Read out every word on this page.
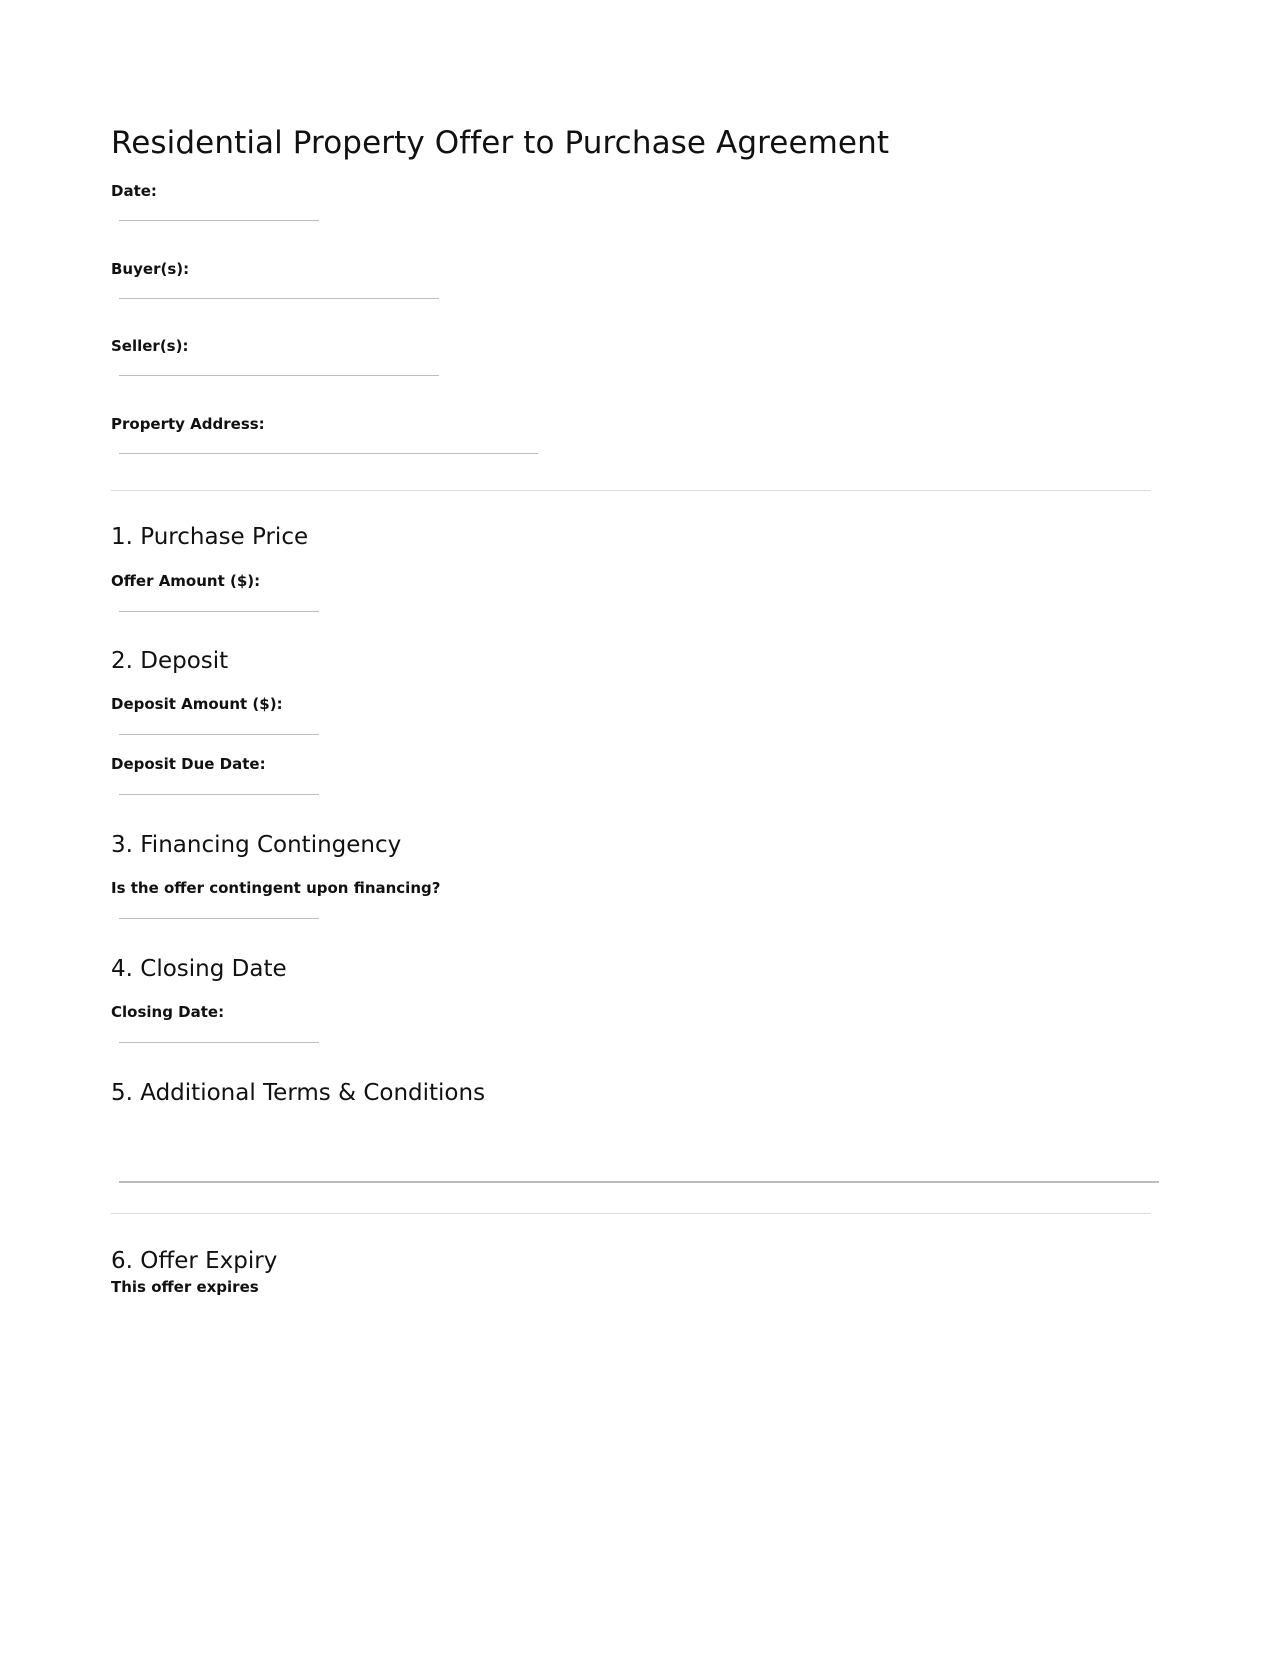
Residential Property Offer to Purchase Agreement
Date:
Buyer(s):
Seller(s):
Property Address:
1. Purchase Price
Offer Amount ($):
2. Deposit
Deposit Amount ($):
Deposit Due Date:
3. Financing Contingency
Is the offer contingent upon financing?
4. Closing Date
Closing Date:
5. Additional Terms & Conditions
6. Offer Expiry
This offer expires
